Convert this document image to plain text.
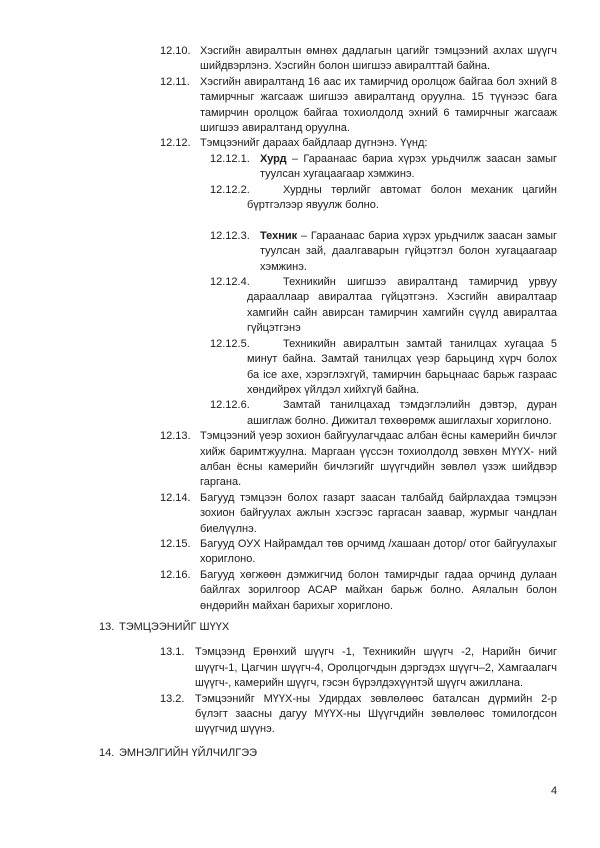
12.10. Хэсгийн авиралтын өмнөх дадлагын цагийг тэмцээний ахлах шүүгч шийдвэрлэнэ. Хэсгийн болон шигшээ авиралттай байна.
12.11. Хэсгийн авиралтанд 16 аас их тамирчид оролцож байгаа бол эхний 8 тамирчныг жагсааж шигшээ авиралтанд оруулна. 15 түүнээс бага тамирчин оролцож байгаа тохиолдолд эхний 6 тамирчныг жагсааж шигшээ авиралтанд оруулна.
12.12. Тэмцээнийг дараах байдлаар дүгнэнэ. Үүнд:
12.12.1. Хурд – Гараанаас бариа хүрэх урьдчилж заасан замыг туулсан хугацаагаар хэмжинэ.
12.12.2.	Хурдны төрлийг автомат болон механик цагийн бүртгэлээр явуулж болно.
12.12.3. Техник – Гараанаас бариа хүрэх урьдчилж заасан замыг туулсан зай, даалгаварын гүйцэтгэл болон хугацаагаар хэмжинэ.
12.12.4.	Техникийн шигшээ авиралтанд тамирчид урвуу дарааллаар авиралтаа гүйцэтгэнэ. Хэсгийн авиралтаар хамгийн сайн авирсан тамирчин хамгийн сүүлд авиралтаа гүйцэтгэнэ
12.12.5.	Техникийн авиралтын замтай танилцах хугацаа 5 минут байна. Замтай танилцах үеэр барьцинд хүрч болох ба ice axe, хэрэглэхгүй, тамирчин барьцнаас барьж газраас хөндийрөх үйлдэл хийхгүй байна.
12.12.6.	Замтай танилцахад тэмдэглэлийн дэвтэр, дуран ашиглаж болно. Дижитал төхөөрөмж ашиглахыг хориглоно.
12.13. Тэмцээний үеэр зохион байгуулагчдаас албан ёсны камерийн бичлэг хийж баримтжуулна. Маргаан үүссэн тохиолдолд зөвхөн МҮҮХ- ний албан ёсны камерийн бичлэгийг шүүгчдийн зөвлөл үзэж шийдвэр гаргана.
12.14. Багууд тэмцээн болох газарт заасан талбайд байрлахдаа тэмцээн зохион байгуулах ажлын хэсгээс гаргасан заавар, журмыг чандлан биелүүлнэ.
12.15. Багууд ОУХ Найрамдал төв орчимд /хашаан дотор/ отог байгуулахыг хориглоно.
12.16. Багууд хөгжөөн дэмжигчид болон тамирчдыг гадаа орчинд дулаан байлгах зорилгоор АСАР майхан барьж болно. Аялалын болон өндөрийн майхан барихыг хориглоно.
13. ТЭМЦЭЭНИЙГ ШҮҮХ
13.1. Тэмцээнд Ерөнхий шүүгч -1, Техникийн шүүгч -2, Нарийн бичиг шүүгч-1, Цагчин шүүгч-4, Оролцогчдын дэргэдэх шүүгч–2, Хамгаалагч шүүгч-, камерийн шүүгч, гэсэн бүрэлдэхүүнтэй шүүгч ажиллана.
13.2. Тэмцээнийг МҮҮХ-ны Удирдах зөвлөлөөс баталсан дүрмийн 2-р бүлэгт заасны дагуу МҮҮХ-ны Шүүгчдийн зөвлөлөөс томилогдсон шүүгчид шүүнэ.
14. ЭМНЭЛГИЙН ҮЙЛЧИЛГЭЭ
4
